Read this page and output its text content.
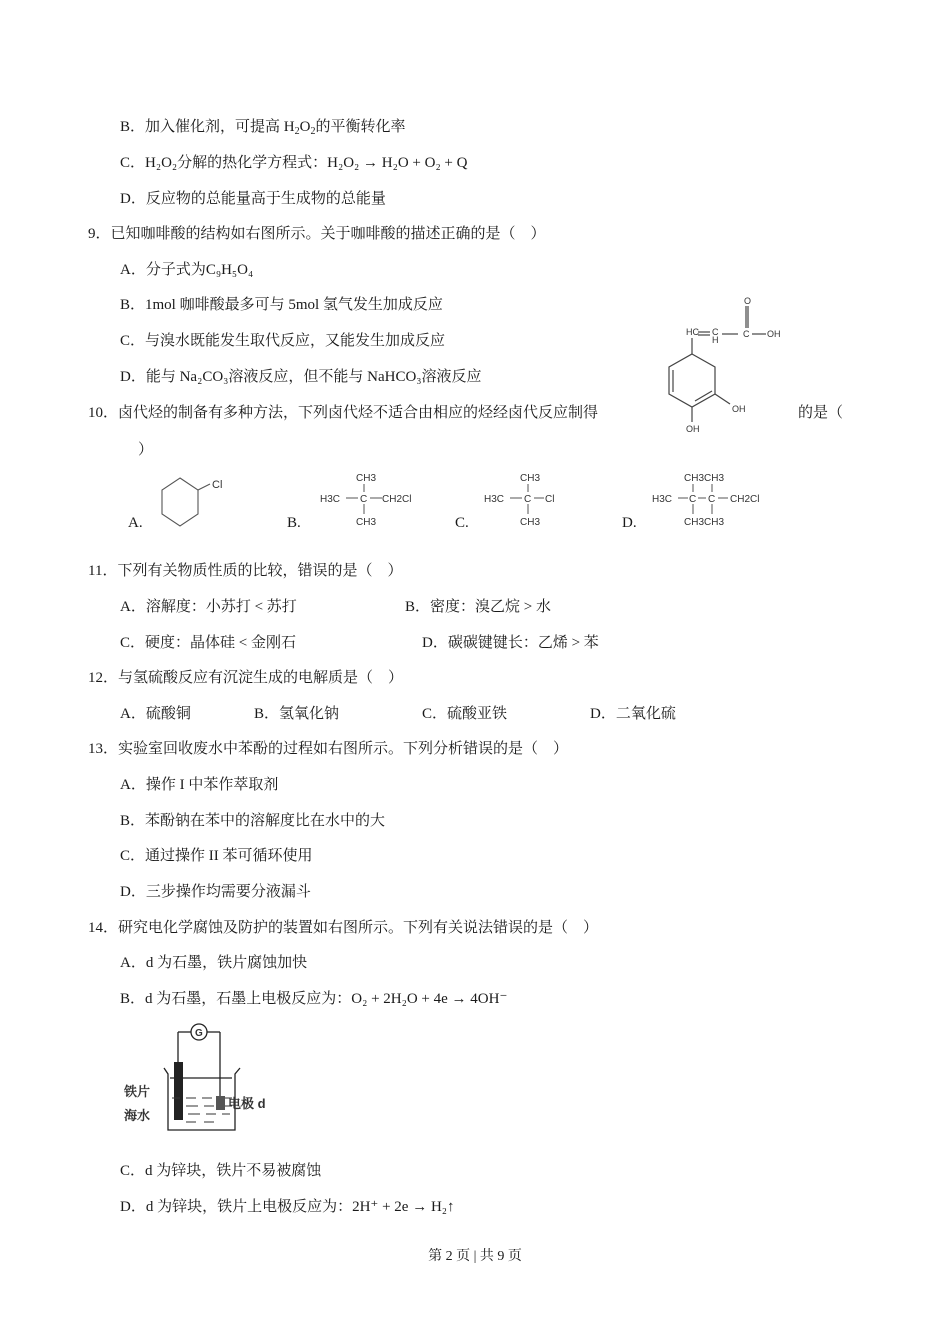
B．加入催化剂，可提高 $H_2O_2$的平衡转化率
C．H₂O₂分解的热化学方程式：H₂O₂ → H₂O + O₂ + Q
D．反应物的总能量高于生成物的总能量
9．已知咖啡酸的结构如右图所示。关于咖啡酸的描述正确的是（　）
A．分子式为C₉H₅O₄
B．1mol 咖啡酸最多可与 5mol 氢气发生加成反应
C．与溴水既能发生取代反应，又能发生加成反应
D．能与 Na₂CO₃溶液反应，但不能与 NaHCO₃溶液反应
HC C
H
C
O
OH
OH
OH
10．卤代烃的制备有多种方法，下列卤代烃不适合由相应的烃经卤代反应制得	的是（
）
A.
Cl
B.
CH3
H3C C CH2Cl
CH3	C.
CH3
H3C C Cl
CH3	D.
CH3CH3
H3C C C CH2Cl
CH3CH3
11．下列有关物质性质的比较，错误的是（　）
A．溶解度：小苏打 < 苏打	B．密度：溴乙烷 > 水
C．硬度：晶体硅 < 金刚石	D．碳碳键键长：乙烯 > 苯
12．与氢硫酸反应有沉淀生成的电解质是（　）
A．硫酸铜	B．氢氧化钠	C．硫酸亚铁	D．二氧化硫
13．实验室回收废水中苯酚的过程如右图所示。下列分析错误的是（　）
A．操作 I 中苯作萃取剂
B．苯酚钠在苯中的溶解度比在水中的大
C．通过操作 II 苯可循环使用
D．三步操作均需要分液漏斗
14．研究电化学腐蚀及防护的装置如右图所示。下列有关说法错误的是（　）
A．d 为石墨，铁片腐蚀加快
B．d 为石墨，石墨上电极反应为：O₂ + 2H₂O + 4e → 4OH⁻
G
铁片
海水
电极 d
C．d 为锌块，铁片不易被腐蚀
D．d 为锌块，铁片上电极反应为：2H⁺ + 2e → H₂↑
第 2 页 | 共 9 页
